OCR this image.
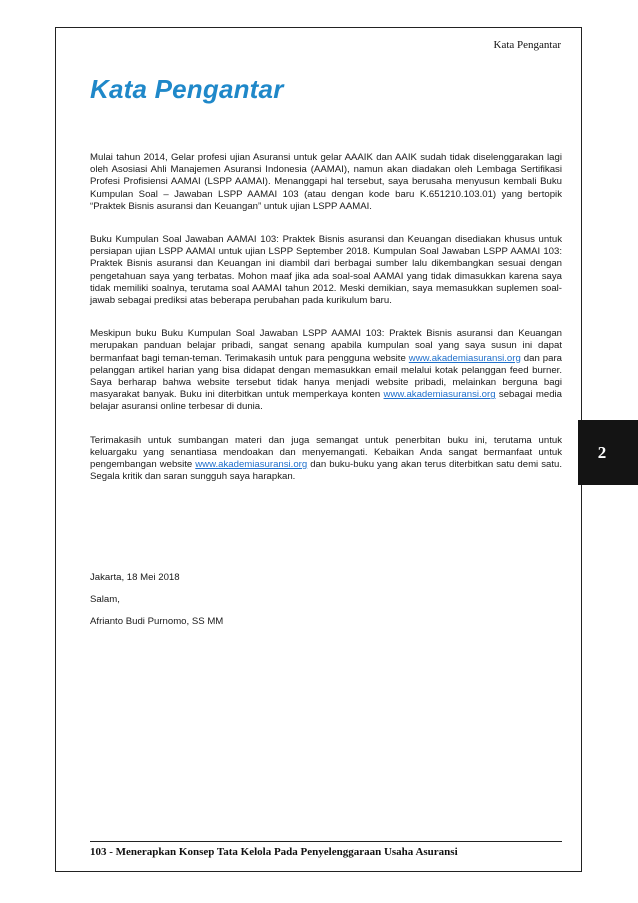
Kata Pengantar
Kata Pengantar

Mulai tahun 2014, Gelar profesi ujian Asuransi untuk gelar AAAIK dan AAIK sudah tidak diselenggarakan lagi oleh Asosiasi Ahli Manajemen Asuransi Indonesia (AAMAI), namun akan diadakan oleh Lembaga Sertifikasi Profesi Profisiensi AAMAI (LSPP AAMAI). Menanggapi hal tersebut, saya berusaha menyusun kembali Buku Kumpulan Soal – Jawaban LSPP AAMAI 103 (atau dengan kode baru K.651210.103.01) yang bertopik “Praktek Bisnis asuransi dan Keuangan” untuk ujian LSPP AAMAI.

Buku Kumpulan Soal Jawaban AAMAI 103: Praktek Bisnis asuransi dan Keuangan disediakan khusus untuk persiapan ujian LSPP AAMAI untuk ujian LSPP September 2018. Kumpulan Soal Jawaban LSPP AAMAI 103: Praktek Bisnis asuransi dan Keuangan ini diambil dari berbagai sumber lalu dikembangkan sesuai dengan pengetahuan saya yang terbatas. Mohon maaf jika ada soal-soal AAMAI yang tidak dimasukkan karena saya tidak memiliki soalnya, terutama soal AAMAI tahun 2012. Meski demikian, saya memasukkan suplemen soal-jawab sebagai prediksi atas beberapa perubahan pada kurikulum baru.

Meskipun buku Buku Kumpulan Soal Jawaban LSPP AAMAI 103: Praktek Bisnis asuransi dan Keuangan merupakan panduan belajar pribadi, sangat senang apabila kumpulan soal yang saya susun ini dapat bermanfaat bagi teman-teman. Terimakasih untuk para pengguna website www.akademiasuransi.org dan para pelanggan artikel harian yang bisa didapat dengan memasukkan email melalui kotak pelanggan feed burner. Saya berharap bahwa website tersebut tidak hanya menjadi website pribadi, melainkan berguna bagi masyarakat banyak. Buku ini diterbitkan untuk memperkaya konten www.akademiasuransi.org sebagai media belajar asuransi online terbesar di dunia.

Terimakasih untuk sumbangan materi dan juga semangat untuk penerbitan buku ini, terutama untuk keluargaku yang senantiasa mendoakan dan menyemangati. Kebaikan Anda sangat bermanfaat untuk pengembangan website www.akademiasuransi.org dan buku-buku yang akan terus diterbitkan satu demi satu. Segala kritik dan saran sungguh saya harapkan.

Jakarta, 18 Mei 2018
Salam,
Afrianto Budi Purnomo, SS MM
2
103 - Menerapkan Konsep Tata Kelola Pada Penyelenggaraan Usaha Asuransi
